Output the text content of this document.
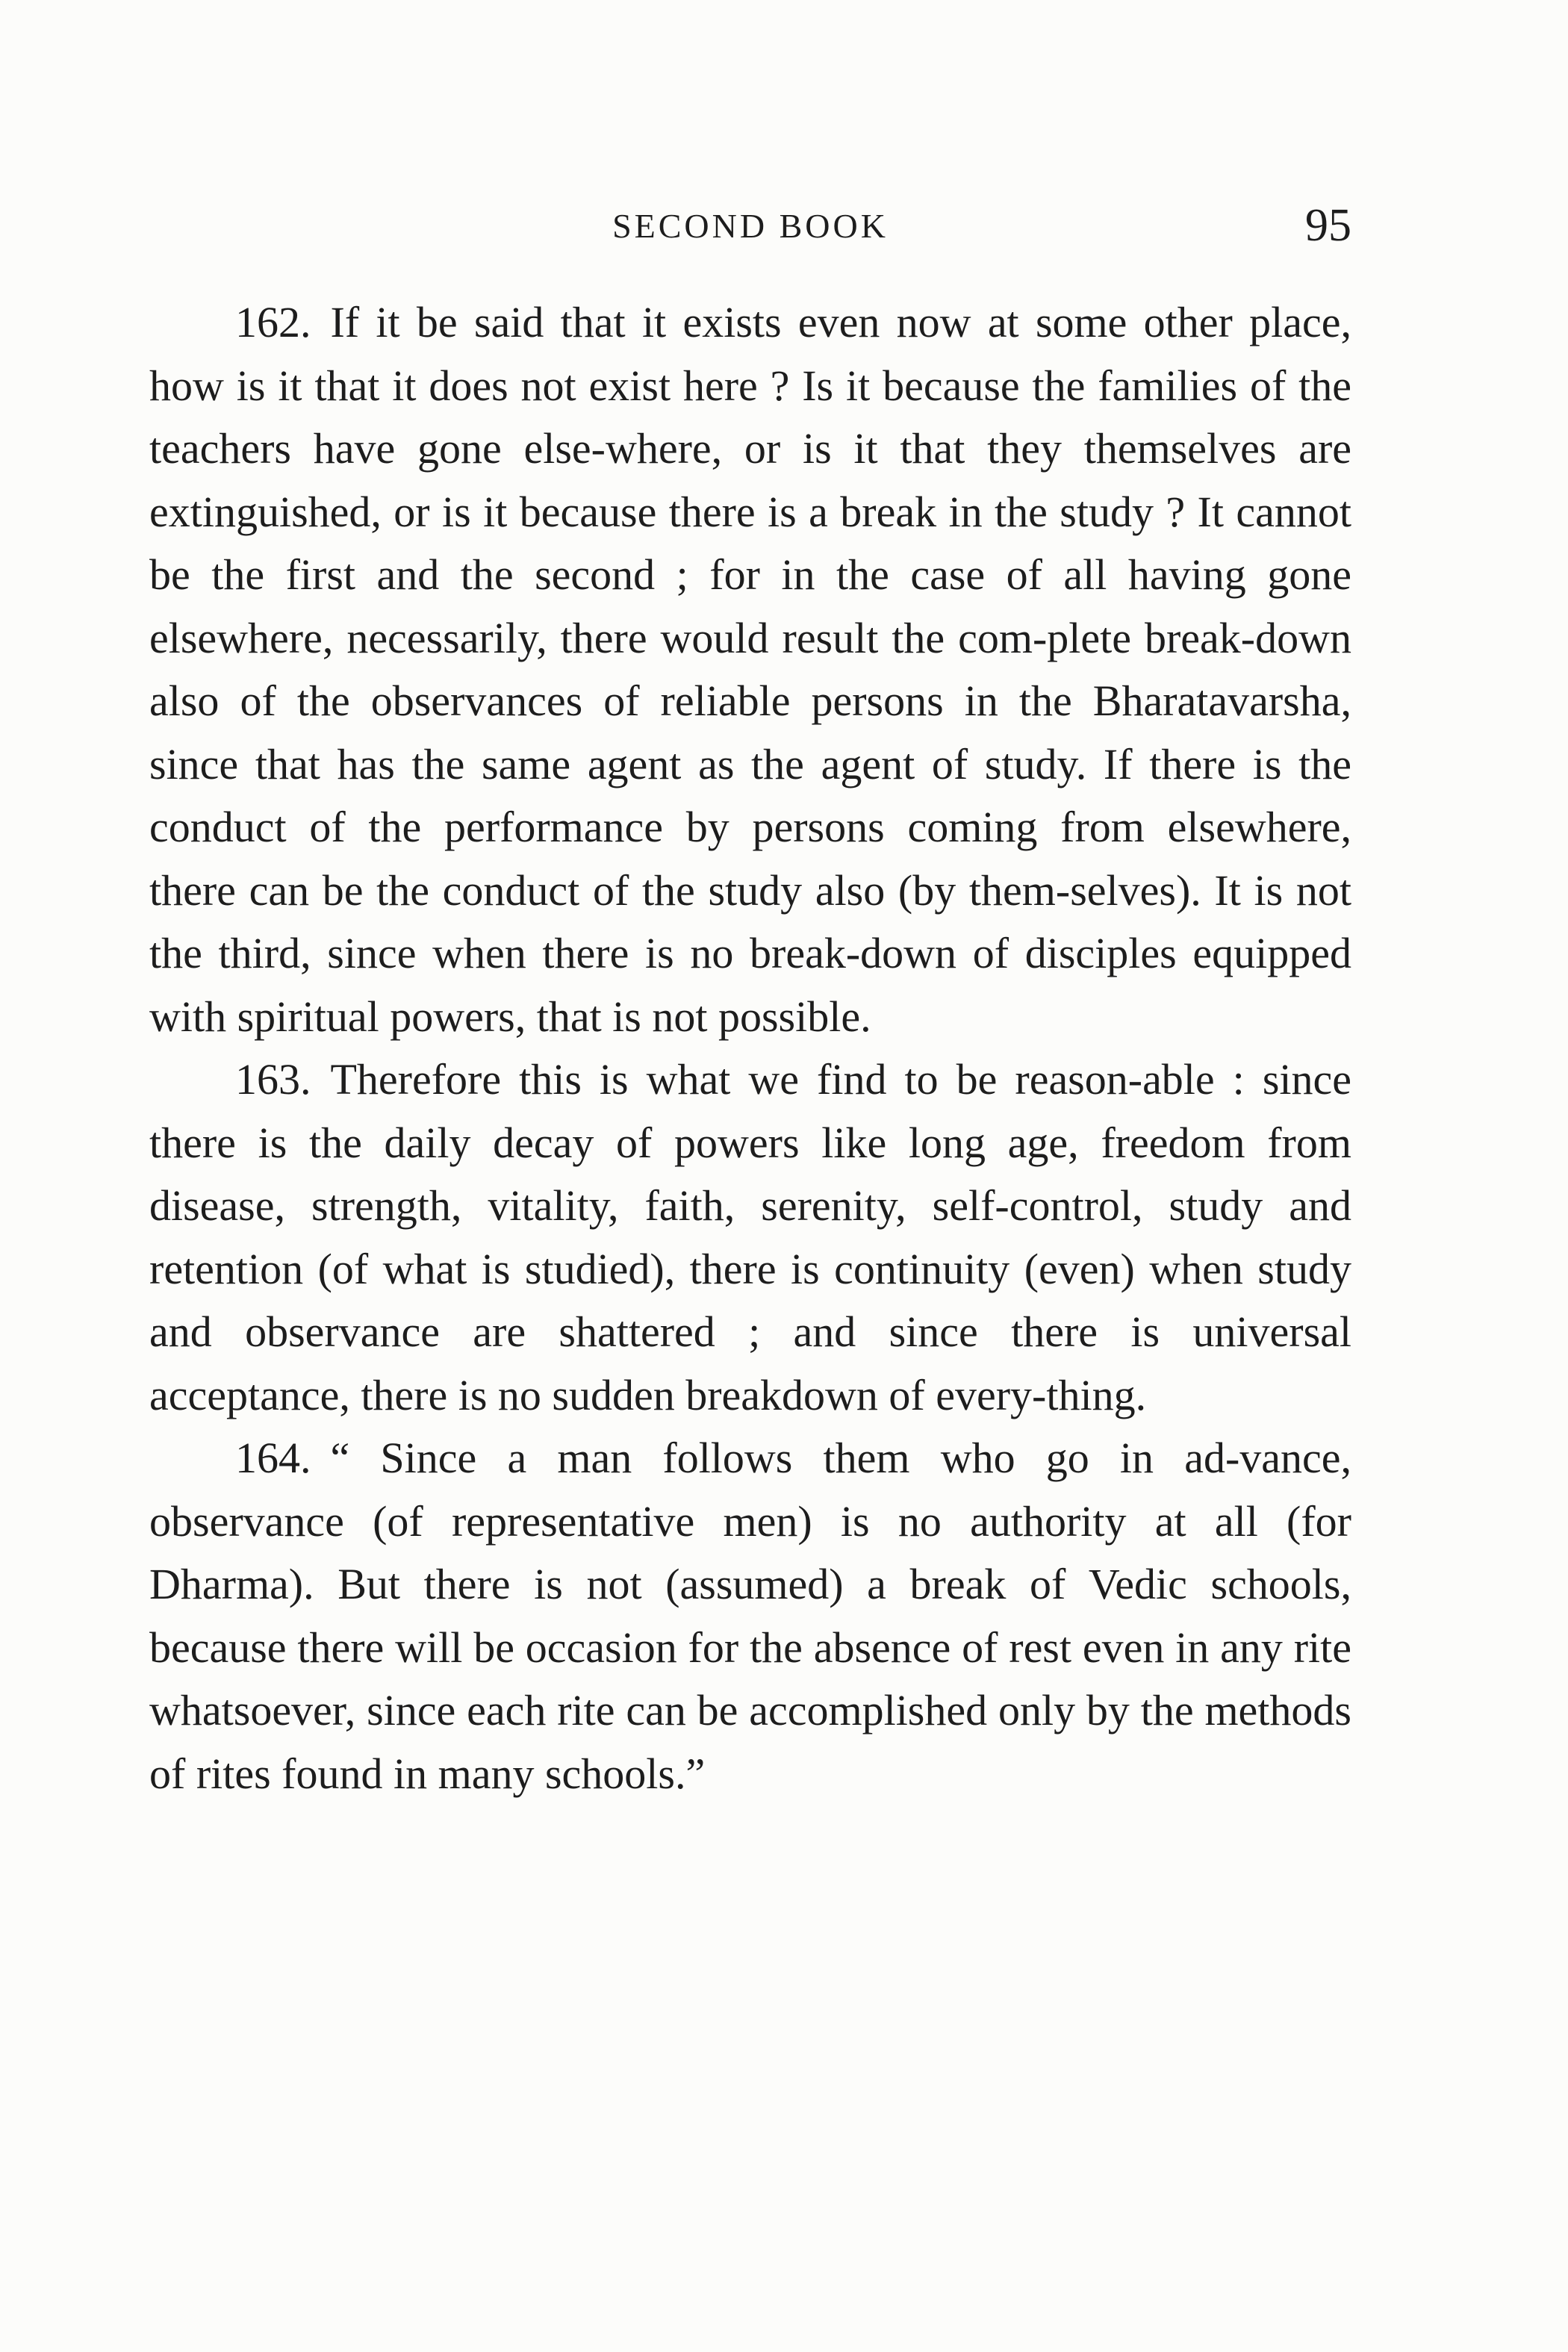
SECOND BOOK	95

162. If it be said that it exists even now at some other place, how is it that it does not exist here ? Is it because the families of the teachers have gone else-where, or is it that they themselves are extinguished, or is it because there is a break in the study ? It cannot be the first and the second ; for in the case of all having gone elsewhere, necessarily, there would result the com-plete break-down also of the observances of reliable persons in the Bharatavarsha, since that has the same agent as the agent of study. If there is the conduct of the performance by persons coming from elsewhere, there can be the conduct of the study also (by them-selves). It is not the third, since when there is no break-down of disciples equipped with spiritual powers, that is not possible.

163. Therefore this is what we find to be reason-able : since there is the daily decay of powers like long age, freedom from disease, strength, vitality, faith, serenity, self-control, study and retention (of what is studied), there is continuity (even) when study and observance are shattered ; and since there is universal acceptance, there is no sudden breakdown of every-thing.

164. “ Since a man follows them who go in ad-vance, observance (of representative men) is no authority at all (for Dharma). But there is not (assumed) a break of Vedic schools, because there will be occasion for the absence of rest even in any rite whatsoever, since each rite can be accomplished only by the methods of rites found in many schools.”
